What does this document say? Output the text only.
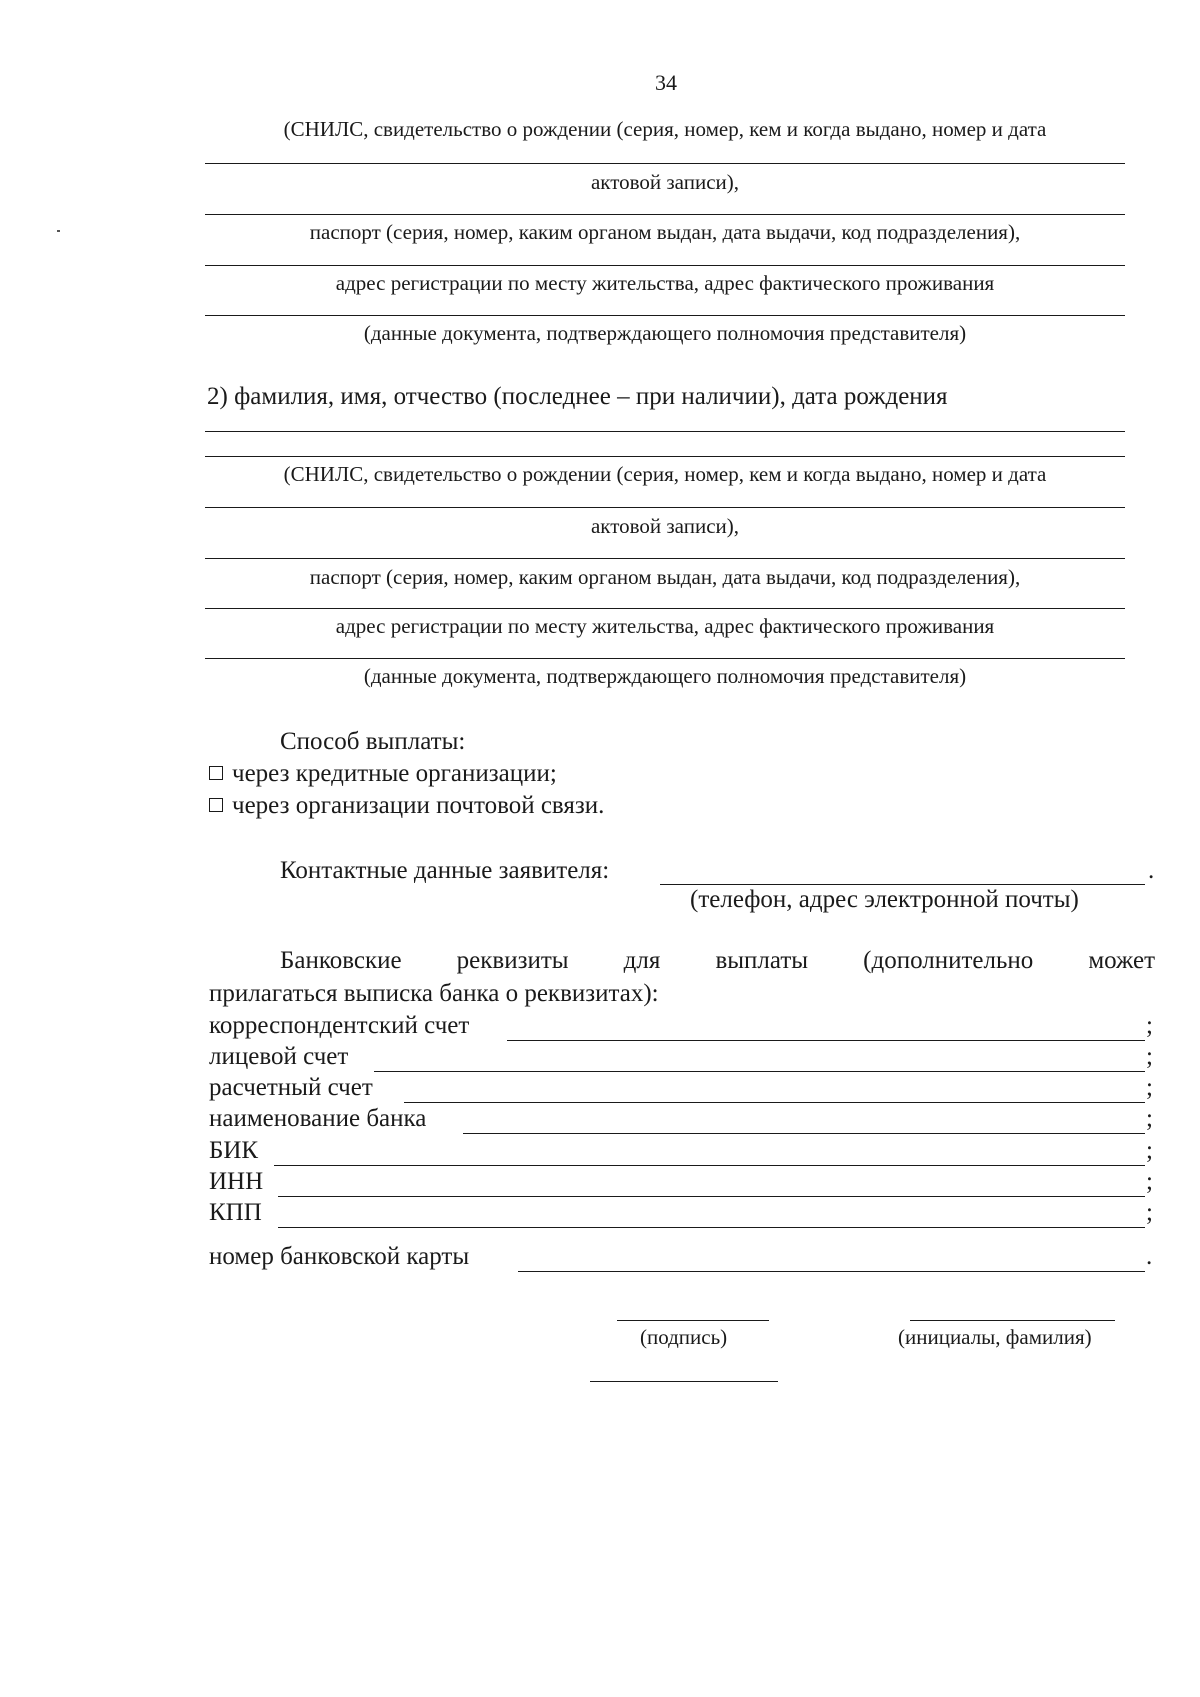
34
(СНИЛС, свидетельство о рождении (серия, номер, кем и когда выдано, номер и дата
актовой записи),
паспорт (серия, номер, каким органом выдан, дата выдачи, код подразделения),
адрес регистрации по месту жительства, адрес фактического проживания
(данные документа, подтверждающего полномочия представителя)
2) фамилия, имя, отчество (последнее – при наличии), дата рождения
(СНИЛС, свидетельство о рождении (серия, номер, кем и когда выдано, номер и дата
актовой записи),
паспорт (серия, номер, каким органом выдан, дата выдачи, код подразделения),
адрес регистрации по месту жительства, адрес фактического проживания
(данные документа, подтверждающего полномочия представителя)
Способ выплаты:
через кредитные организации;
через организации почтовой связи.
Контактные данные заявителя:	.
(телефон, адрес электронной почты)
Банковские реквизиты для выплаты (дополнительно может
прилагаться выписка банка о реквизитах):
корреспондентский счет	;
лицевой счет	;
расчетный счет	;
наименование банка	;
БИК	;
ИНН	;
КПП	;
номер банковской карты	.
(подпись)	(инициалы, фамилия)
